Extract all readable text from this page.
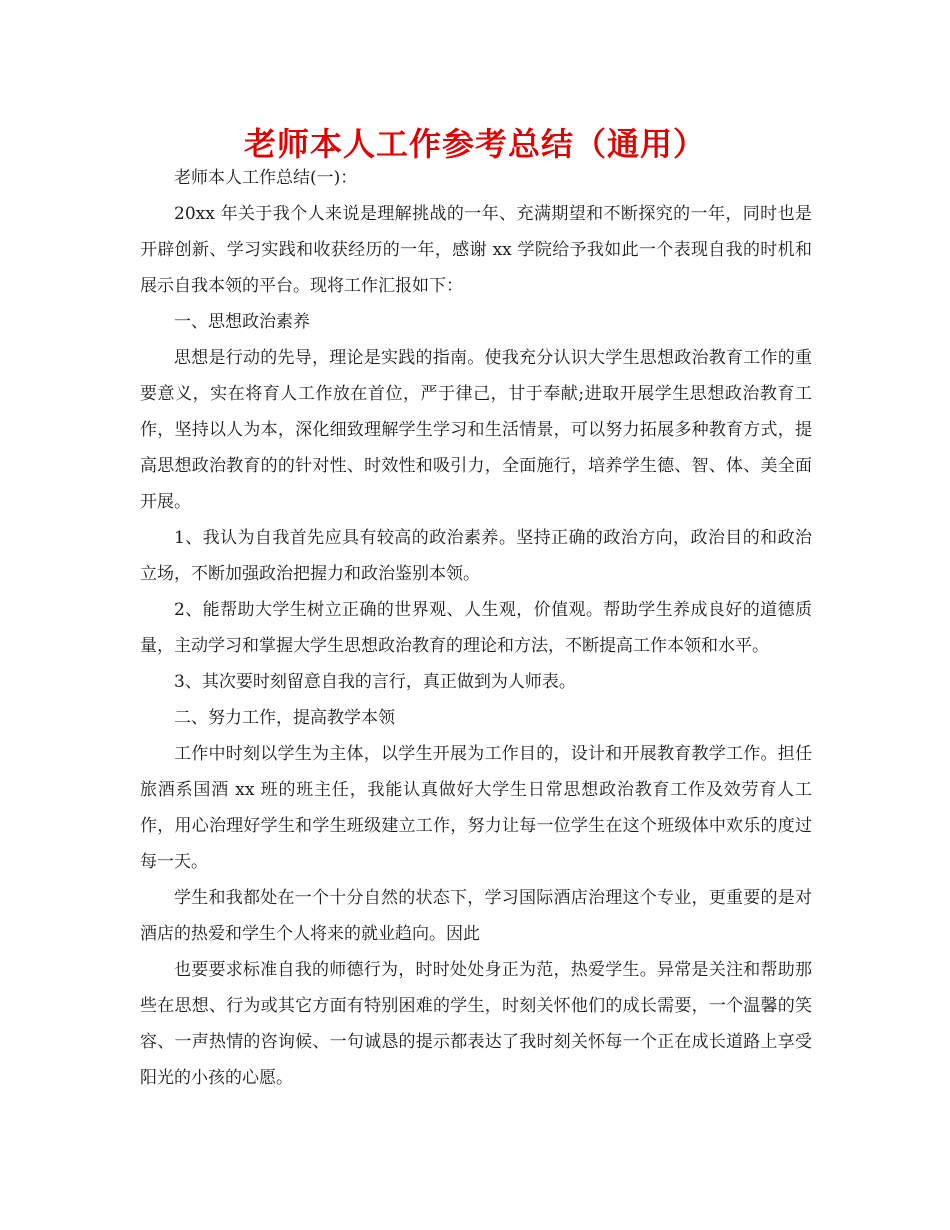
老师本人工作参考总结（通用）

老师本人工作总结(一)：

20xx 年关于我个人来说是理解挑战的一年、充满期望和不断探究的一年，同时也是开辟创新、学习实践和收获经历的一年，感谢 xx 学院给予我如此一个表现自我的时机和展示自我本领的平台。现将工作汇报如下：

一、思想政治素养

思想是行动的先导，理论是实践的指南。使我充分认识大学生思想政治教育工作的重要意义，实在将育人工作放在首位，严于律己，甘于奉献;进取开展学生思想政治教育工作，坚持以人为本，深化细致理解学生学习和生活情景，可以努力拓展多种教育方式，提高思想政治教育的的针对性、时效性和吸引力，全面施行，培养学生德、智、体、美全面开展。

1、我认为自我首先应具有较高的政治素养。坚持正确的政治方向，政治目的和政治立场，不断加强政治把握力和政治鉴别本领。

2、能帮助大学生树立正确的世界观、人生观，价值观。帮助学生养成良好的道德质量，主动学习和掌握大学生思想政治教育的理论和方法，不断提高工作本领和水平。

3、其次要时刻留意自我的言行，真正做到为人师表。

二、努力工作，提高教学本领

工作中时刻以学生为主体，以学生开展为工作目的，设计和开展教育教学工作。担任旅酒系国酒 xx 班的班主任，我能认真做好大学生日常思想政治教育工作及效劳育人工作，用心治理好学生和学生班级建立工作，努力让每一位学生在这个班级体中欢乐的度过每一天。

学生和我都处在一个十分自然的状态下，学习国际酒店治理这个专业，更重要的是对酒店的热爱和学生个人将来的就业趋向。因此

也要要求标准自我的师德行为，时时处处身正为范，热爱学生。异常是关注和帮助那些在思想、行为或其它方面有特别困难的学生，时刻关怀他们的成长需要，一个温馨的笑容、一声热情的咨询候、一句诚恳的提示都表达了我时刻关怀每一个正在成长道路上享受阳光的小孩的心愿。
